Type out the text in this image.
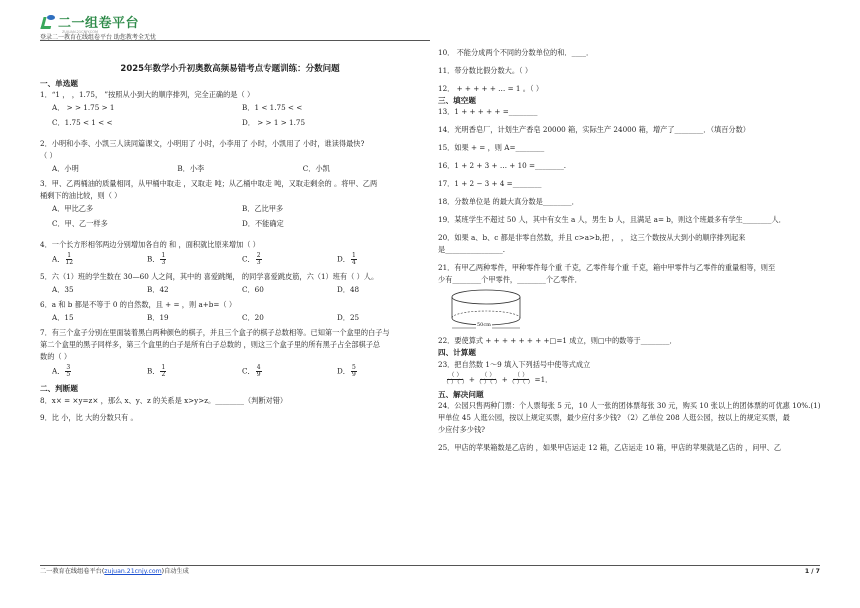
二一组卷平台
ZUJUAN.21CNJY.COM
登录二一教育在线组卷平台 助您教考全无忧
2025年数学小升初奥数高频易错考点专题训练：分数问题
一、单选题
1．“1 ， ，1.75， ”按照从小到大的顺序排列，完全正确的是（ ）
A． > > 1.75 > 1	B．1 < 1.75 < <
C．1.75 < 1 < <	D． > > 1 > 1.75
2．小明和小李、小凯三人读同篇课文，小明用了 小时，小李用了 小时，小凯用了 小时，谁读得最快?
（ ）
A．小明	B．小李	C．小凯
3．甲、乙两桶油的质量相同，从甲桶中取走 ，又取走 吨；从乙桶中取走 吨，又取走剩余的 。将甲、乙两
桶剩下的油比较，则（ ）
A．甲比乙多	B．乙比甲多
C．甲、乙一样多	D．不能确定
4．一个长方形相邻两边分别增加各自的 和 ，面积就比原来增加（ ）
A． $\frac{1}{12}$	B． $\frac{1}{3}$	C． $\frac{2}{3}$	D． $\frac{1}{4}$
5．六（1）班的学生数在 30—60 人之间，其中的 喜爱跳绳， 的同学喜爱跳皮筋，六（1）班有（ ）人。
A．35	B．42	C．60	D．48
6．a 和 b 都是不等于 0 的自然数，且 + = ，则 a+b=（ ）
A．15	B．19	C．20	D．25
7．有三个盒子分别在里面装着黑白两种颜色的棋子，并且三个盒子的棋子总数相等。已知第一个盒里的白子与
第二个盒里的黑子同样多，第三个盒里的白子是所有白子总数的 ，则这三个盒子里的所有黑子占全部棋子总
数的（ ）
A． $\frac{3}{5}$	B． $\frac{1}{2}$	C． $\frac{4}{9}$	D． $\frac{5}{9}$
二、判断题
8．x× = ×y=z× ，那么 x、y、z 的关系是 x>y>z。________（判断对错）
9．比 小，比 大的分数只有 。
10． 不能分成两个不同的分数单位的和．____．
11．带分数比假分数大。（ ）
12． + + + + + … = 1 。（ ）
三、填空题
13．1 + + + + + =________
14．光明香皂厂，计划生产香皂 20000 箱，实际生产 24000 箱，增产了________．（填百分数）
15．如果 + = ，则 A=________
16．1 + 2 + 3 + … + 10 =________.
17．1 + 2 − 3 + 4 =________
18．分数单位是 的最大真分数是________．
19．某班学生不超过 50 人，其中有女生 a 人，男生 b 人，且满足 a= b，则这个班最多有学生________人．
20．如果 a、b、c 都是非零自然数，并且 c>a>b,把 ， ， 这三个数按从大到小的顺序排列起来
是________________.
21．有甲乙两种零件，甲种零件每个重 千克，乙零件每个重 千克，箱中甲零件与乙零件的重量相等，则至
少有________个甲零件，________个乙零件．
50cm
22．要使算式 + + + + + + + +□=1 成立，则□中的数等于________．
四、计算题
23．把自然数 1～9 填入下列括号中使等式成立
$\frac{( )}{( )( )} + \frac{( )}{( )( )} + \frac{( )}{( )( )} =1$．
五、解决问题
24．公园只售两种门票：个人票每张 5 元，10 人一张的团体票每张 30 元，购买 10 张以上的团体票的可优惠 10%.(1)
甲单位 45 人逛公园，按以上规定买票，最少应付多少钱? （2）乙单位 208 人逛公园，按以上的规定买票，最
少应付多少钱?
25．甲店的苹果箱数是乙店的 ，如果甲店运走 12 箱，乙店运走 10 箱，甲店的苹果就是乙店的 ，问甲、乙
二一教育在线组卷平台(zujuan.21cnjy.com)自动生成	1 / 7
